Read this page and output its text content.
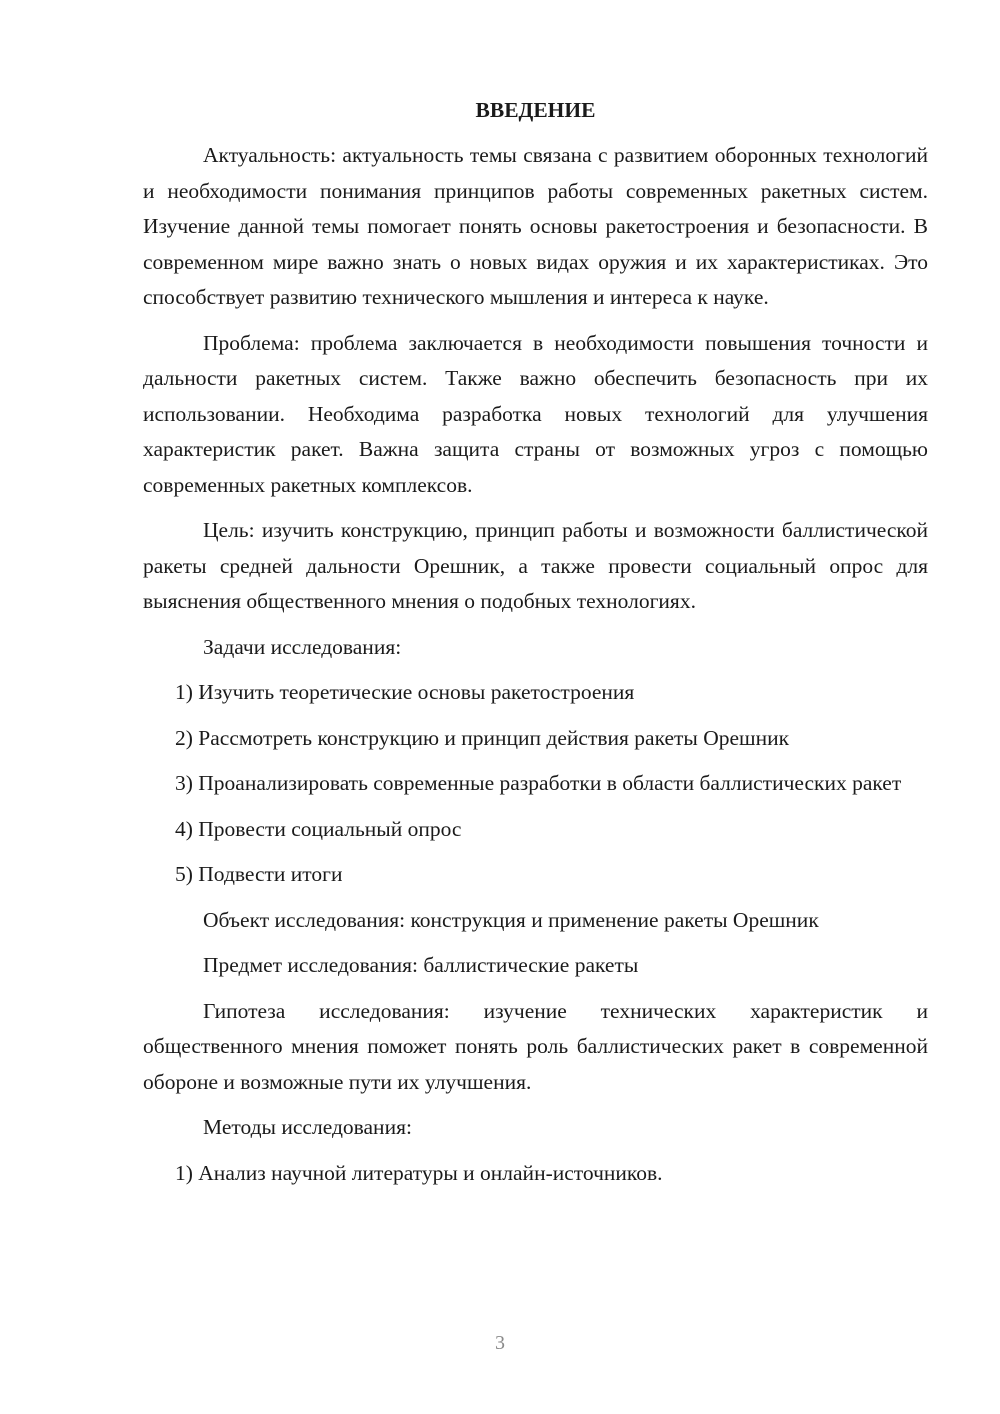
ВВЕДЕНИЕ
Актуальность: актуальность темы связана с развитием оборонных технологий и необходимости понимания принципов работы современных ракетных систем. Изучение данной темы помогает понять основы ракетостроения и безопасности. В современном мире важно знать о новых видах оружия и их характеристиках. Это способствует развитию технического мышления и интереса к науке.
Проблема: проблема заключается в необходимости повышения точности и дальности ракетных систем. Также важно обеспечить безопасность при их использовании. Необходима разработка новых технологий для улучшения характеристик ракет. Важна защита страны от возможных угроз с помощью современных ракетных комплексов.
Цель: изучить конструкцию, принцип работы и возможности баллистической ракеты средней дальности Орешник, а также провести социальный опрос для выяснения общественного мнения о подобных технологиях.
Задачи исследования:
1) Изучить теоретические основы ракетостроения
2) Рассмотреть конструкцию и принцип действия ракеты Орешник
3) Проанализировать современные разработки в области баллистических ракет
4) Провести социальный опрос
5) Подвести итоги
Объект исследования: конструкция и применение ракеты Орешник
Предмет исследования: баллистические ракеты
Гипотеза исследования: изучение технических характеристик и общественного мнения поможет понять роль баллистических ракет в современной обороне и возможные пути их улучшения.
Методы исследования:
1) Анализ научной литературы и онлайн-источников.
3
